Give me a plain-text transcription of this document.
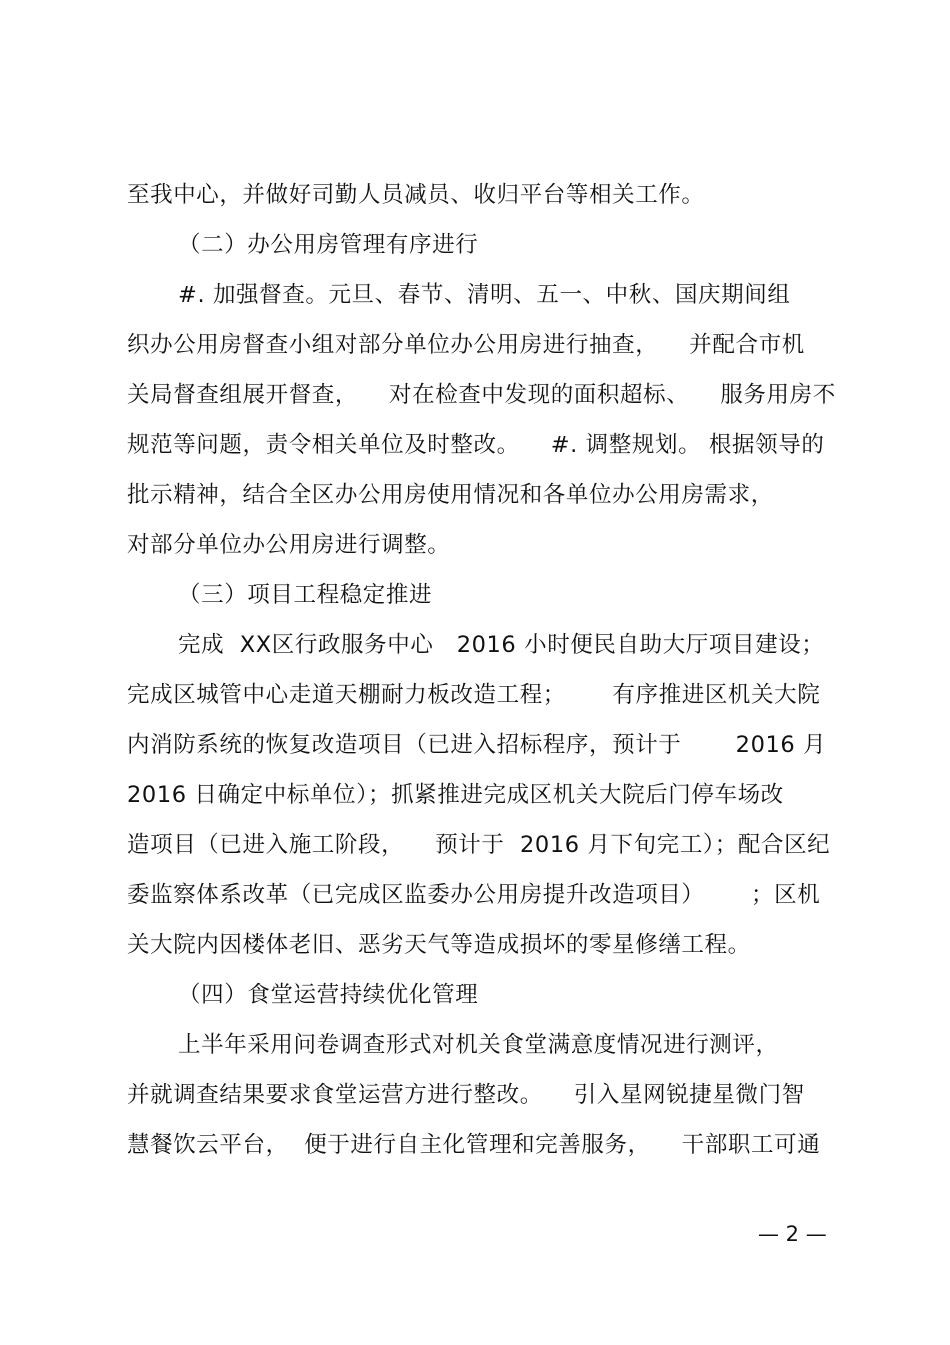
至我中心，并做好司勤人员减员、收归平台等相关工作。
（二）办公用房管理有序进行
#. 加强督查。元旦、春节、清明、五一、中秋、国庆期间组
织办公用房督查小组对部分单位办公用房进行抽查，    并配合市机
关局督查组展开督查，    对在检查中发现的面积超标、    服务用房不
规范等问题，责令相关单位及时整改。    #. 调整规划。 根据领导的
批示精神，结合全区办公用房使用情况和各单位办公用房需求，
对部分单位办公用房进行调整。
（三）项目工程稳定推进
完成  XX区行政服务中心   2016 小时便民自助大厅项目建设；
完成区城管中心走道天棚耐力板改造工程；      有序推进区机关大院
内消防系统的恢复改造项目（已进入招标程序，预计于       2016 月
2016 日确定中标单位）；抓紧推进完成区机关大院后门停车场改
造项目（已进入施工阶段，    预计于  2016 月下旬完工）；配合区纪
委监察体系改革（已完成区监委办公用房提升改造项目）      ；区机
关大院内因楼体老旧、恶劣天气等造成损坏的零星修缮工程。
（四）食堂运营持续优化管理
上半年采用问卷调查形式对机关食堂满意度情况进行测评，
并就调查结果要求食堂运营方进行整改。    引入星网锐捷星微门智
慧餐饮云平台，  便于进行自主化管理和完善服务，    干部职工可通
— 2 —
